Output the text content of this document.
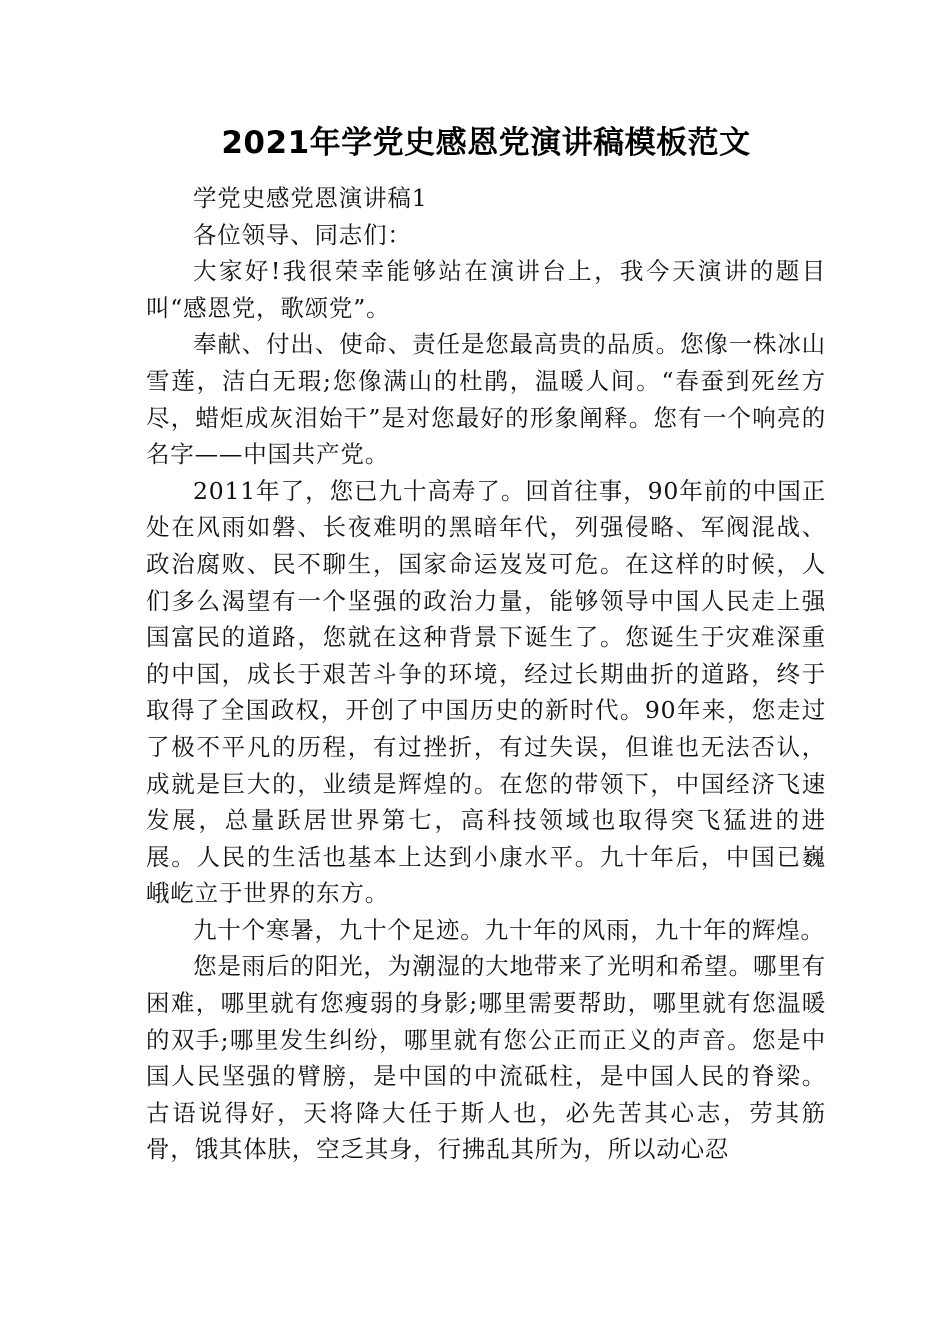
2021年学党史感恩党演讲稿模板范文

学党史感党恩演讲稿1

各位领导、同志们：

大家好!我很荣幸能够站在演讲台上，我今天演讲的题目叫“感恩党，歌颂党”。

奉献、付出、使命、责任是您最高贵的品质。您像一株冰山雪莲，洁白无瑕;您像满山的杜鹃，温暖人间。“春蚕到死丝方尽，蜡炬成灰泪始干”是对您最好的形象阐释。您有一个响亮的名字——中国共产党。

2011年了，您已九十高寿了。回首往事，90年前的中国正处在风雨如磐、长夜难明的黑暗年代，列强侵略、军阀混战、政治腐败、民不聊生，国家命运岌岌可危。在这样的时候，人们多么渴望有一个坚强的政治力量，能够领导中国人民走上强国富民的道路，您就在这种背景下诞生了。您诞生于灾难深重的中国，成长于艰苦斗争的环境，经过长期曲折的道路，终于取得了全国政权，开创了中国历史的新时代。90年来，您走过了极不平凡的历程，有过挫折，有过失误，但谁也无法否认，成就是巨大的，业绩是辉煌的。在您的带领下，中国经济飞速发展，总量跃居世界第七，高科技领域也取得突飞猛进的进展。人民的生活也基本上达到小康水平。九十年后，中国已巍峨屹立于世界的东方。

九十个寒暑，九十个足迹。九十年的风雨，九十年的辉煌。

您是雨后的阳光，为潮湿的大地带来了光明和希望。哪里有困难，哪里就有您瘦弱的身影;哪里需要帮助，哪里就有您温暖的双手;哪里发生纠纷，哪里就有您公正而正义的声音。您是中国人民坚强的臂膀，是中国的中流砥柱，是中国人民的脊梁。古语说得好，天将降大任于斯人也，必先苦其心志，劳其筋骨，饿其体肤，空乏其身，行拂乱其所为，所以动心忍
